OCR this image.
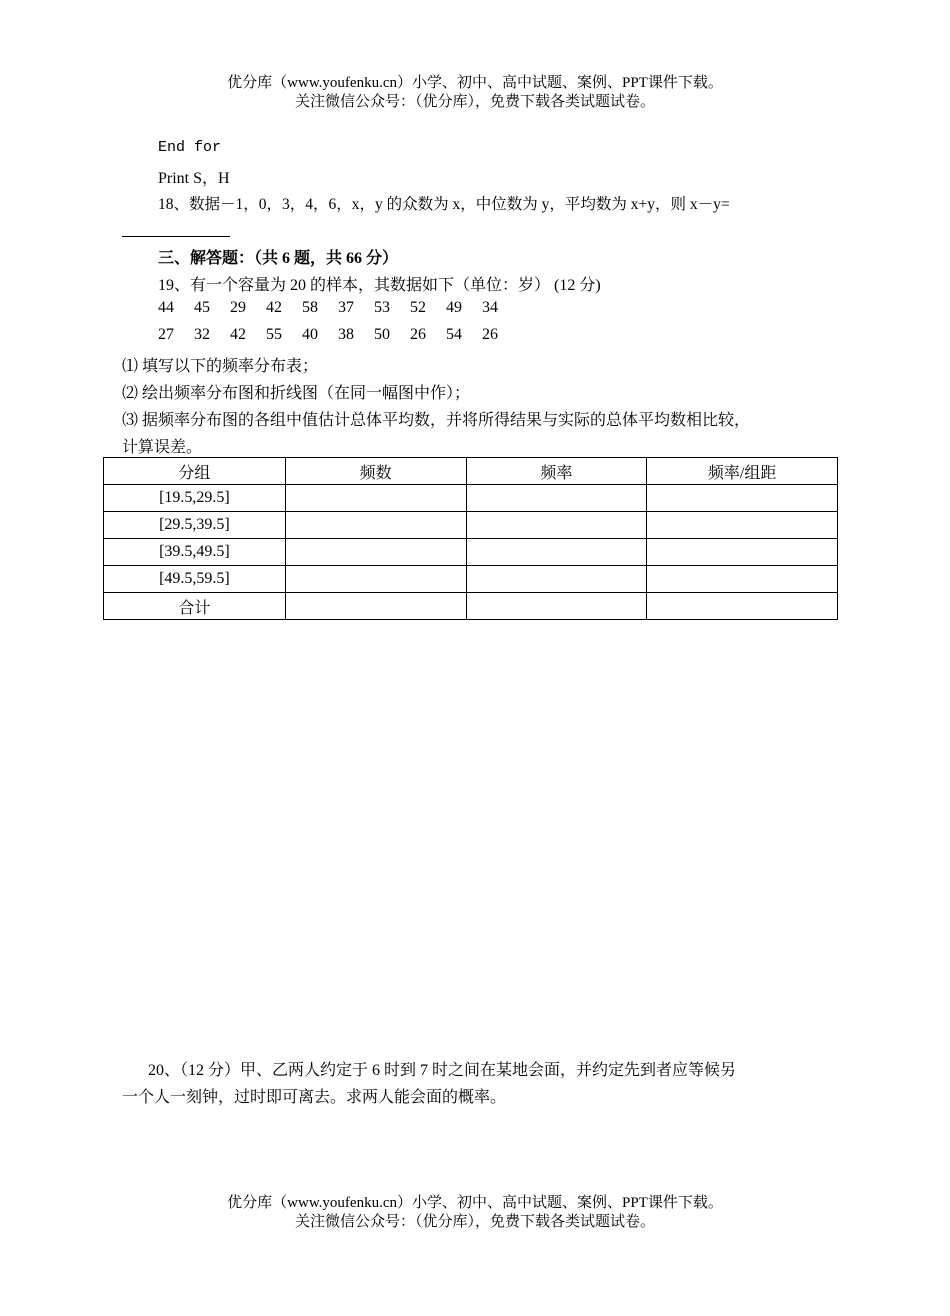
优分库（www.youfenku.cn）小学、初中、高中试题、案例、PPT课件下载。
关注微信公众号：（优分库），免费下载各类试题试卷。
End for
Print S，H
18、数据－1，0，3，4，6，x，y 的众数为 x，中位数为 y，平均数为 x+y，则 x－y=
三、解答题：（共 6 题，共 66 分）
19、有一个容量为 20 的样本，其数据如下（单位：岁） (12 分)
44 45 29 42 58 37 53 52 49 34
27 32 42 55 40 38 50 26 54 26
⑴ 填写以下的频率分布表；
⑵ 绘出频率分布图和折线图（在同一幅图中作）；
⑶ 据频率分布图的各组中值估计总体平均数，并将所得结果与实际的总体平均数相比较，
计算误差。
分组	频数	频率	频率/组距
[19.5,29.5]			
[29.5,39.5]			
[39.5,49.5]			
[49.5,59.5]			
合计			
20、（12 分）甲、乙两人约定于 6 时到 7 时之间在某地会面，并约定先到者应等候另
一个人一刻钟，过时即可离去。求两人能会面的概率。
优分库（www.youfenku.cn）小学、初中、高中试题、案例、PPT课件下载。
关注微信公众号：（优分库），免费下载各类试题试卷。
